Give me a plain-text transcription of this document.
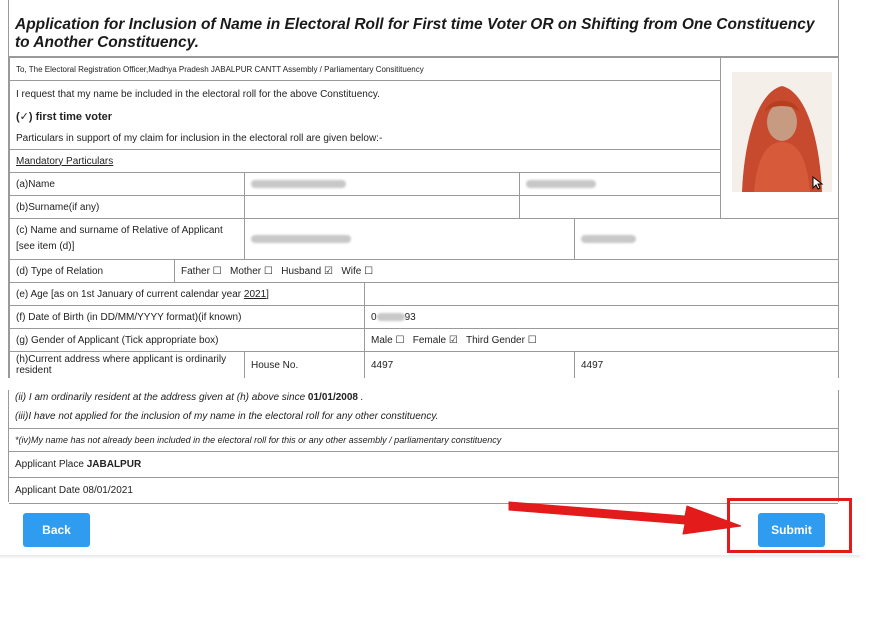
Application for Inclusion of Name in Electoral Roll for First time Voter OR on Shifting from One Constituency to Another Constituency.
To, The Electoral Registration Officer,Madhya Pradesh JABALPUR CANTT Assembly / Parliamentary Consitituency						
I request that my name be included in the electoral roll for the above Constituency.						
(✓) first time voter						
Particulars in support of my claim for inclusion in the electoral roll are given below:-						
Mandatory Particulars						
(a)Name						
(b)Surname(if any)						
(c) Name and surname of Relative of Applicant [see item (d)]						
(d) Type of Relation	Father ☐ Mother ☐ Husband ☑ Wife ☐					
(e) Age [as on 1st January of current calendar year 2021]						
(f) Date of Birth (in DD/MM/YYYY format)(if known)			0 93			
(g) Gender of Applicant (Tick appropriate box)			Male ☐ Female ☑ Third Gender ☐			
(h)Current address where applicant is ordinarily resident		House No.	4497		4497	

(ii) I am ordinarily resident at the address given at (h) above since 01/01/2008 .
(iii)I have not applied for the inclusion of my name in the electoral roll for any other constituency.
*(iv)My name has not already been included in the electoral roll for this or any other assembly / parliamentary constituency
Applicant Place JABALPUR
Applicant Date 08/01/2021
Back	Submit
